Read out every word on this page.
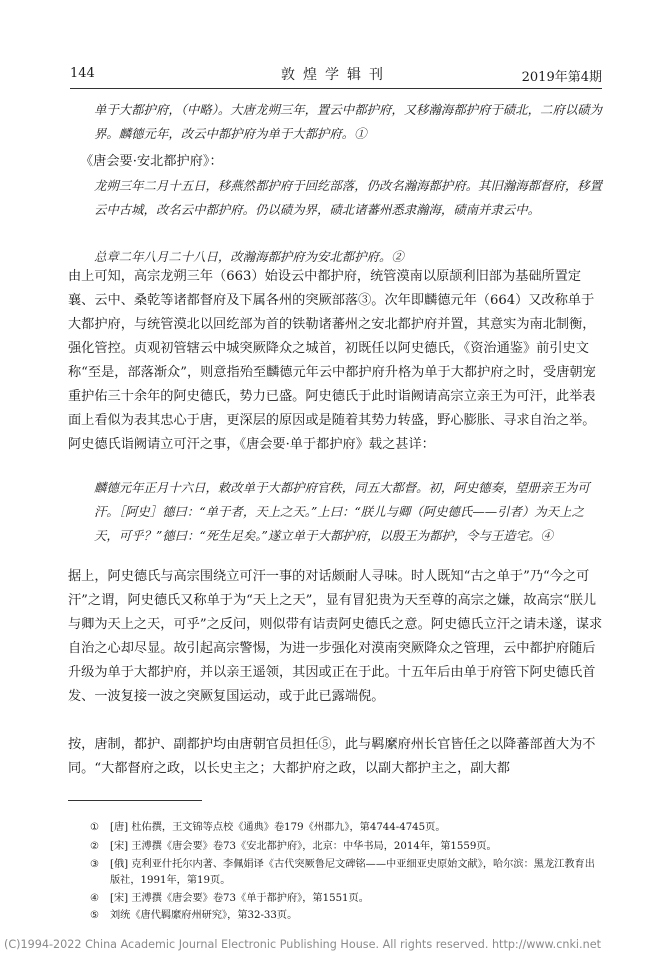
144	敦煌学辑刊	2019年第4期

单于大都护府，（中略）。大唐龙朔三年，置云中都护府，又移瀚海都护府于碛北，二府以碛为界。麟德元年，改云中都护府为单于大都护府。①

《唐会要·安北都护府》：

龙朔三年二月十五日，移燕然都护府于回纥部落，仍改名瀚海都护府。其旧瀚海都督府，移置云中古城，改名云中都护府。仍以碛为界，碛北诸蕃州悉隶瀚海，碛南并隶云中。

总章二年八月二十八日，改瀚海都护府为安北都护府。②

由上可知，高宗龙朔三年（663）始设云中都护府，统管漠南以原颉利旧部为基础所置定襄、云中、桑乾等诸都督府及下属各州的突厥部落③。次年即麟德元年（664）又改称单于大都护府，与统管漠北以回纥部为首的铁勒诸蕃州之安北都护府并置，其意实为南北制衡，强化管控。贞观初管辖云中城突厥降众之城首，初既任以阿史德氏，《资治通鉴》前引史文称“至是，部落渐众”，则意指殆至麟德元年云中都护府升格为单于大都护府之时，受唐朝宠重护佑三十余年的阿史德氏，势力已盛。阿史德氏于此时诣阙请高宗立亲王为可汗，此举表面上看似为表其忠心于唐，更深层的原因或是随着其势力转盛，野心膨胀、寻求自治之举。阿史德氏诣阙请立可汗之事，《唐会要·单于都护府》载之甚详：

麟德元年正月十六日，敕改单于大都护府官秩，同五大都督。初，阿史德奏，望册亲王为可汗。［阿史］德曰：“单于者，天上之天。”上曰：“朕儿与卿（阿史德氏——引者）为天上之天，可乎？”德曰：“死生足矣。”遂立单于大都护府，以殷王为都护，令与王造宅。④

据上，阿史德氏与高宗围绕立可汗一事的对话颇耐人寻味。时人既知“古之单于”乃“今之可汗”之谓，阿史德氏又称单于为“天上之天”，显有冒犯贵为天至尊的高宗之嫌，故高宗“朕儿与卿为天上之天，可乎”之反问，则似带有诘责阿史德氏之意。阿史德氏立汗之请未遂，谋求自治之心却尽显。故引起高宗警惕，为进一步强化对漠南突厥降众之管理，云中都护府随后升级为单于大都护府，并以亲王遥领，其因或正在于此。十五年后由单于府管下阿史德氏首发、一波复接一波之突厥复国运动，或于此已露端倪。

按，唐制，都护、副都护均由唐朝官员担任⑤，此与羁縻府州长官皆任之以降蕃部酋大为不同。“大都督府之政，以长史主之；大都护府之政，以副大都护主之，副大都

①	[唐] 杜佑撰，王文锦等点校《通典》卷179《州郡九》，第4744-4745页。
②	[宋] 王溥撰《唐会要》卷73《安北都护府》，北京：中华书局，2014年，第1559页。
③	[俄] 克利亚什托尔内著、李佩娟译《古代突厥鲁尼文碑铭——中亚细亚史原始文献》，哈尔滨：黑龙江教育出版社，1991年，第19页。
④	[宋] 王溥撰《唐会要》卷73《单于都护府》，第1551页。
⑤	刘统《唐代羁縻府州研究》，第32-33页。
(C)1994-2022 China Academic Journal Electronic Publishing House. All rights reserved. http://www.cnki.net
